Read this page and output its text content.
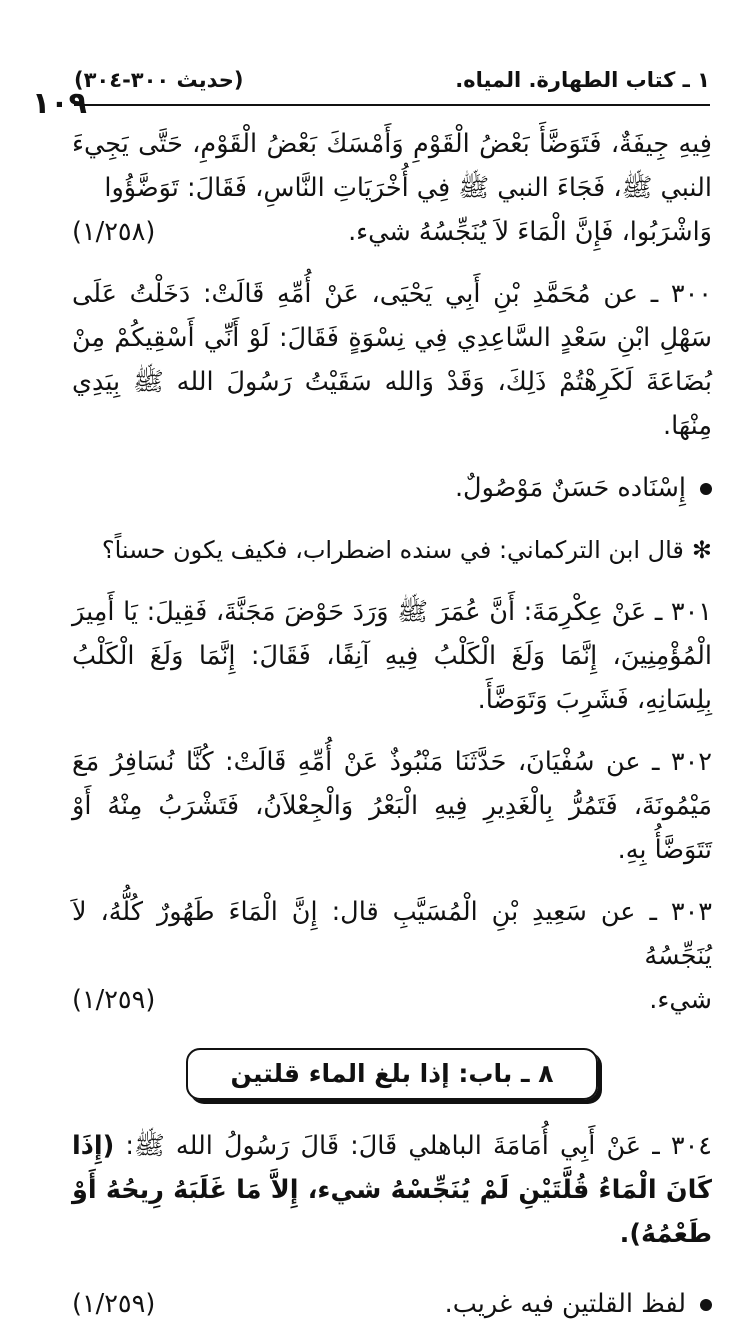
١٠٩
١ ـ كتاب الطهارة. المياه.
(حديث ٣٠٠-٣٠٤)
فِيهِ جِيفَةٌ، فَتَوَضَّأَ بَعْضُ الْقَوْمِ وَأَمْسَكَ بَعْضُ الْقَوْمِ، حَتَّى يَجِيءَ النبي ﷺ، فَجَاءَ النبي ﷺ فِي أُخْرَيَاتِ النَّاسِ، فَقَالَ: تَوَضَّؤُوا
وَاشْرَبُوا، فَإِنَّ الْمَاءَ لاَ يُنَجِّسُهُ شيء.
(١/٢٥٨)
٣٠٠ ـ عن مُحَمَّدِ بْنِ أَبِي يَحْيَى، عَنْ أُمِّهِ قَالَتْ: دَخَلْتُ عَلَى سَهْلِ ابْنِ سَعْدٍ السَّاعِدِي فِي نِسْوَةٍ فَقَالَ: لَوْ أَنِّي أَسْقِيكُمْ مِنْ بُضَاعَةَ لَكَرِهْتُمْ ذَلِكَ، وَقَدْ وَالله سَقَيْتُ رَسُولَ الله ﷺ بِيَدِي مِنْهَا.
إِسْنَاده حَسَنٌ مَوْصُولٌ.
✻قال ابن التركماني: في سنده اضطراب، فكيف يكون حسناً؟
٣٠١ ـ عَنْ عِكْرِمَةَ: أَنَّ عُمَرَ ﷺ وَرَدَ حَوْضَ مَجَنَّةَ، فَقِيلَ: يَا أَمِيرَ الْمُؤْمِنِينَ، إِنَّمَا وَلَغَ الْكَلْبُ فِيهِ آنِفًا، فَقَالَ: إِنَّمَا وَلَغَ الْكَلْبُ بِلِسَانِهِ، فَشَرِبَ وَتَوَضَّأَ.
٣٠٢ ـ عن سُفْيَانَ، حَدَّثَنَا مَنْبُوذٌ عَنْ أُمِّهِ قَالَتْ: كُنَّا نُسَافِرُ مَعَ مَيْمُونَةَ، فَتَمُرُّ بِالْغَدِيرِ فِيهِ الْبَعْرُ وَالْجِعْلاَنُ، فَتَشْرَبُ مِنْهُ أَوْ تَتَوَضَّأُ بِهِ.
٣٠٣ ـ عن سَعِيدِ بْنِ الْمُسَيَّبِ قال: إِنَّ الْمَاءَ طَهُورٌ كُلُّهُ، لاَ يُنَجِّسُهُ
شيء.
(١/٢٥٩)
٨ ـ باب: إذا بلغ الماء قلتين
٣٠٤ ـ عَنْ أَبِي أُمَامَةَ الباهلي قَالَ: قَالَ رَسُولُ الله ﷺ: (إِذَا كَانَ الْمَاءُ قُلَّتَيْنِ لَمْ يُنَجِّسْهُ شيء، إِلاَّ مَا غَلَبَهُ رِيحُهُ أَوْ طَعْمُهُ).
لفظ القلتين فيه غريب.
(١/٢٥٩)
